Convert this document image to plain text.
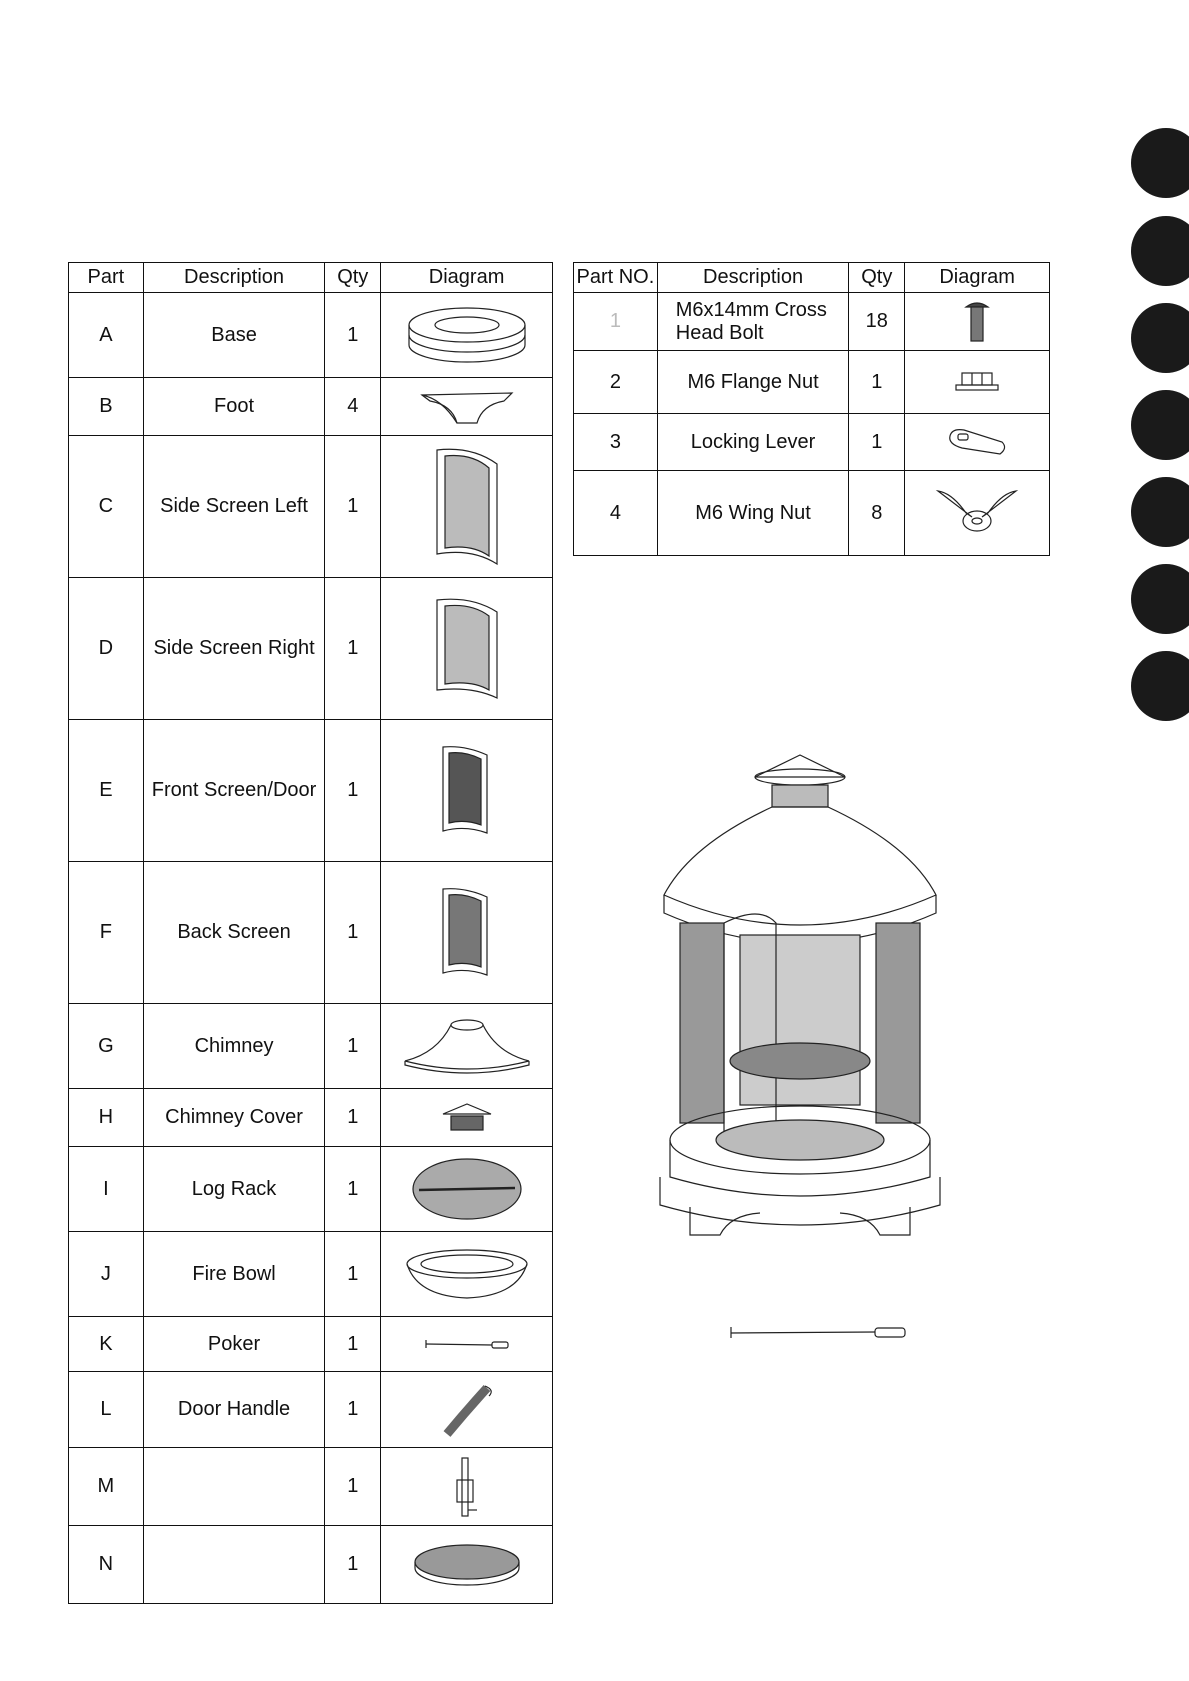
Part	Description	Qty	Diagram
A	Base	1	

B	Foot	4	

C	Side Screen Left	1	

D	Side Screen Right	1	

E	Front Screen/Door	1	

F	Back Screen	1	

G	Chimney	1	

H	Chimney Cover	1	

I	Log Rack	1	

J	Fire Bowl	1	

K	Poker	1	

L	Door Handle	1	

M		1	

N		1	
Part NO.	Description	Qty	Diagram
1	M6x14mm Cross Head Bolt	18	

2	M6 Flange Nut	1	

3	Locking Lever	1	

4	M6 Wing Nut	8	
